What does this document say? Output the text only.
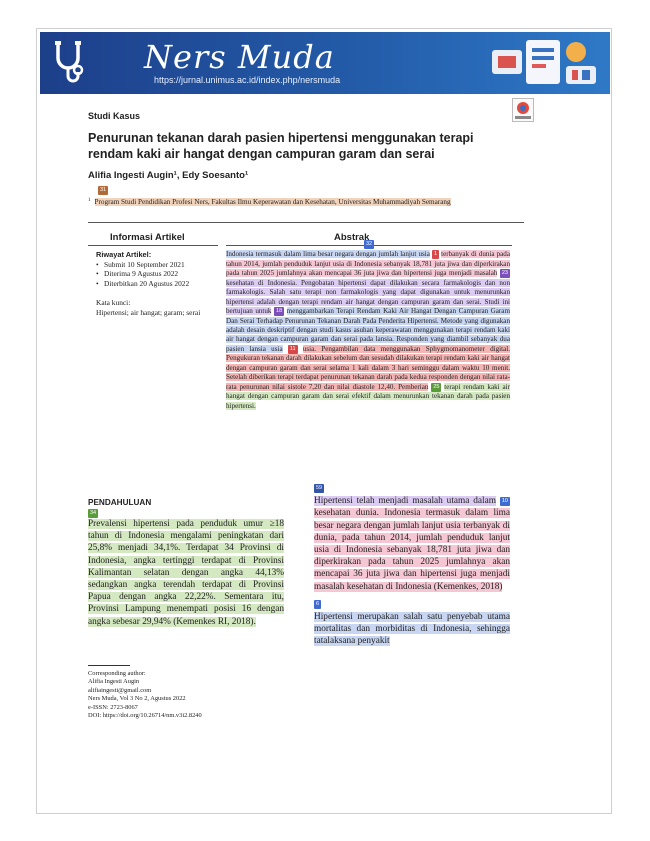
Ners Muda
https://jurnal.unimus.ac.id/index.php/nersmuda
Studi Kasus
Penurunan tekanan darah pasien hipertensi menggunakan terapi rendam kaki air hangat dengan campuran garam dan serai
Alifia Ingesti Augin¹, Edy Soesanto¹
31
$^1$ Program Studi Pendidikan Profesi Ners, Fakultas Ilmu Keperawatan dan Kesehatan, Universitas Muhammadiyah Semarang
Informasi Artikel
32
Abstrak
Riwayat Artikel:
• Submit 10 September 2021
• Diterima 9 Agustus 2022
• Diterbitkan 20 Agustus 2022
Kata kunci:
Hipertensi; air hangat; garam; serai
Indonesia termasuk dalam lima besar negara dengan jumlah lanjut usia 1 terbanyak di dunia pada tahun 2014, jumlah penduduk lanjut usia di Indonesia sebanyak 18,781 juta jiwa dan diperkirakan pada tahun 2025 jumlahnya akan mencapai 36 juta jiwa dan hipertensi juga menjadi masalah 23 kesehatan di Indonesia. Pengobatan hipertensi dapat dilakukan secara farmakologis dan non farmakologis. Salah satu terapi non farmakologis yang dapat digunakan untuk menurunkan hipertensi adalah dengan terapi rendam air hangat dengan campuran garam dan serai. Studi ini bertujuan untuk 18 menggambarkan Terapi Rendam Kaki Air Hangat Dengan Campuran Garam Dan Serai Terhadap Penurunan Tekanan Darah Pada Penderita Hipertensi. Metode yang digunakan adalah desain deskriptif dengan studi kasus asuhan keperawatan menggunakan terapi rendam kaki air hangat dengan campuran garam dan serai pada lansia. Responden yang diambil sebanyak dua pasien lansia usia 11 usia. Pengambilan data menggunakan Sphygmomanometer digital. Pengukuran tekanan darah dilakukan sebelum dan sesudah dilakukan terapi rendam kaki air hangat dengan campuran garam dan serai selama 1 kali dalam 3 hari seminggu dalam waktu 10 menit. Setelah diberikan terapi terdapat penurunan tekanan darah pada kedua responden dengan nilai rata-rata penurunan nilai sistole 7,20 dan nilai diastole 12,40. Pemberian 25 terapi rendam kaki air hangat dengan campuran garam dan serai efektif dalam menurunkan tekanan darah pada pasien hipertensi.
PENDAHULUAN
34
Prevalensi hipertensi pada penduduk umur ≥18 tahun di Indonesia mengalami peningkatan dari 25,8% menjadi 34,1%. Terdapat 34 Provinsi di Indonesia, angka tertinggi terdapat di Provinsi Kalimantan selatan dengan angka 44,13% sedangkan angka terendah terdapat di Provinsi Papua dengan angka 22,22%. Sementara itu, Provinsi Lampung menempati posisi 16 dengan angka sebesar 29,94% (Kemenkes RI, 2018).
59

Hipertensi telah menjadi masalah utama dalam 10 kesehatan dunia. Indonesia termasuk dalam lima besar negara dengan jumlah lanjut usia terbanyak di dunia, pada tahun 2014, jumlah penduduk lanjut usia di Indonesia sebanyak 18,781 juta jiwa dan diperkirakan pada tahun 2025 jumlahnya akan mencapai 36 juta jiwa dan hipertensi juga menjadi masalah kesehatan di Indonesia (Kemenkes, 2018)

6

Hipertensi merupakan salah satu penyebab utama mortalitas dan morbiditas di Indonesia, sehingga tatalaksana penyakit

Corresponding author:
Alifia Ingesti Augin
alifiaingesti@gmail.com
Ners Muda, Vol 3 No 2, Agustus 2022
e-ISSN: 2723-8067
DOI: https://doi.org/10.26714/nm.v3i2.8240
